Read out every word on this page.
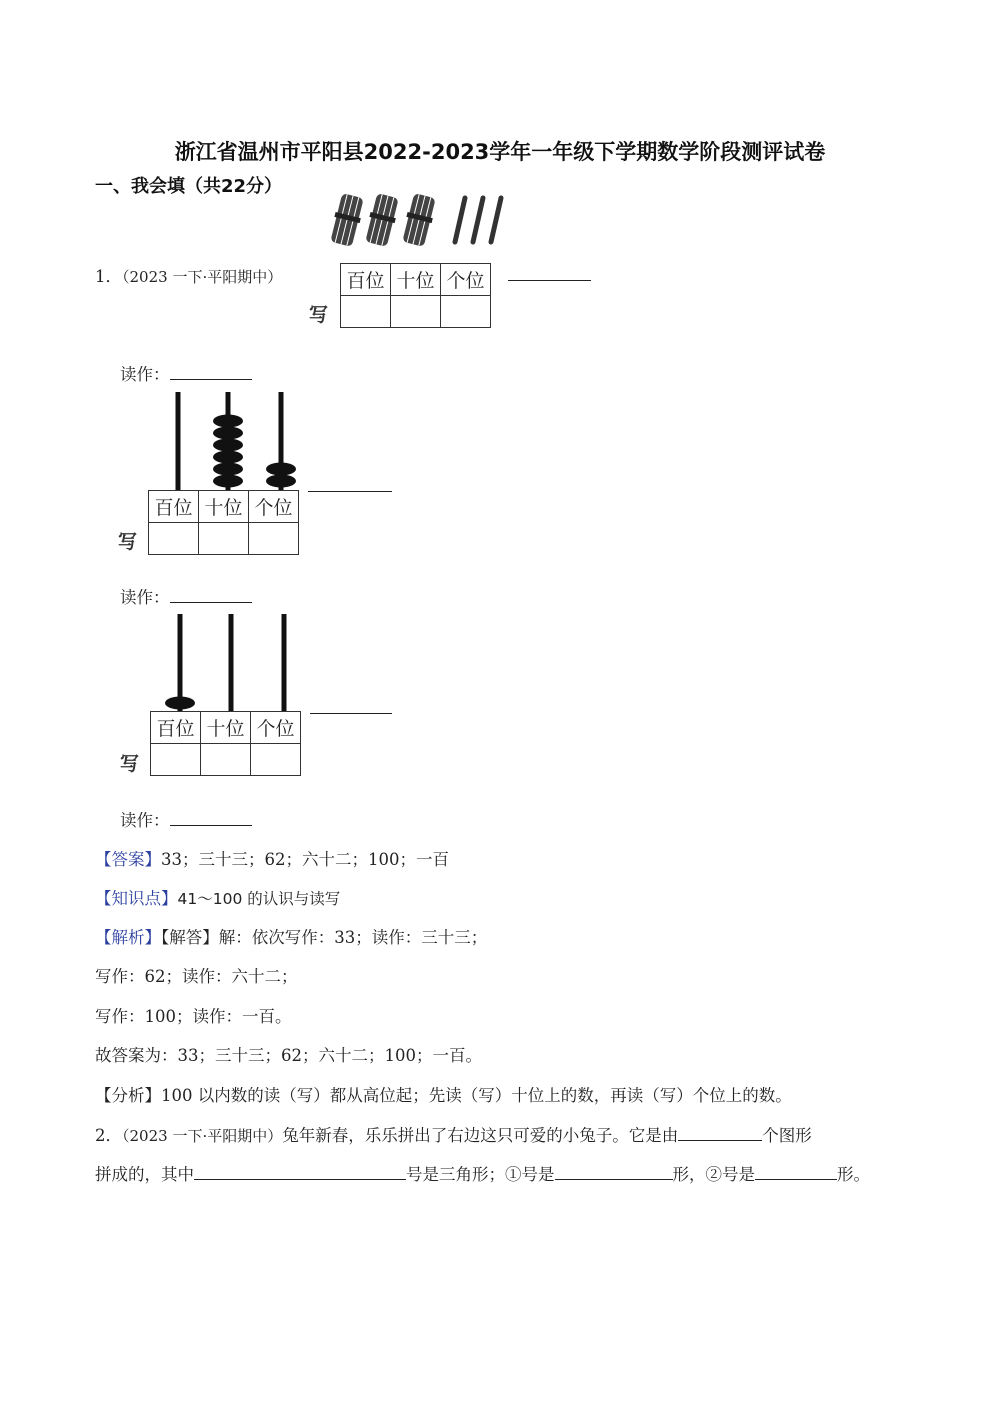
浙江省温州市平阳县2022-2023学年一年级下学期数学阶段测评试卷
一、我会填（共22分）
1．（2023 一下·平阳期中）	百位	十位	个位

写
读作：
百位	十位	个位

写
读作：
百位	十位	个位

写
读作：
【答案】33；三十三；62；六十二；100；一百
【知识点】41～100 的认识与读写
【解析】【解答】解：依次写作：33；读作：三十三；
写作：62；读作：六十二；
写作：100；读作：一百。
故答案为：33；三十三；62；六十二；100；一百。
【分析】100 以内数的读（写）都从高位起；先读（写）十位上的数，再读（写）个位上的数。
2．（2023 一下·平阳期中）兔年新春，乐乐拼出了右边这只可爱的小兔子。它是由	个图形
拼成的，其中	号是三角形；①号是	形，②号是	形。
